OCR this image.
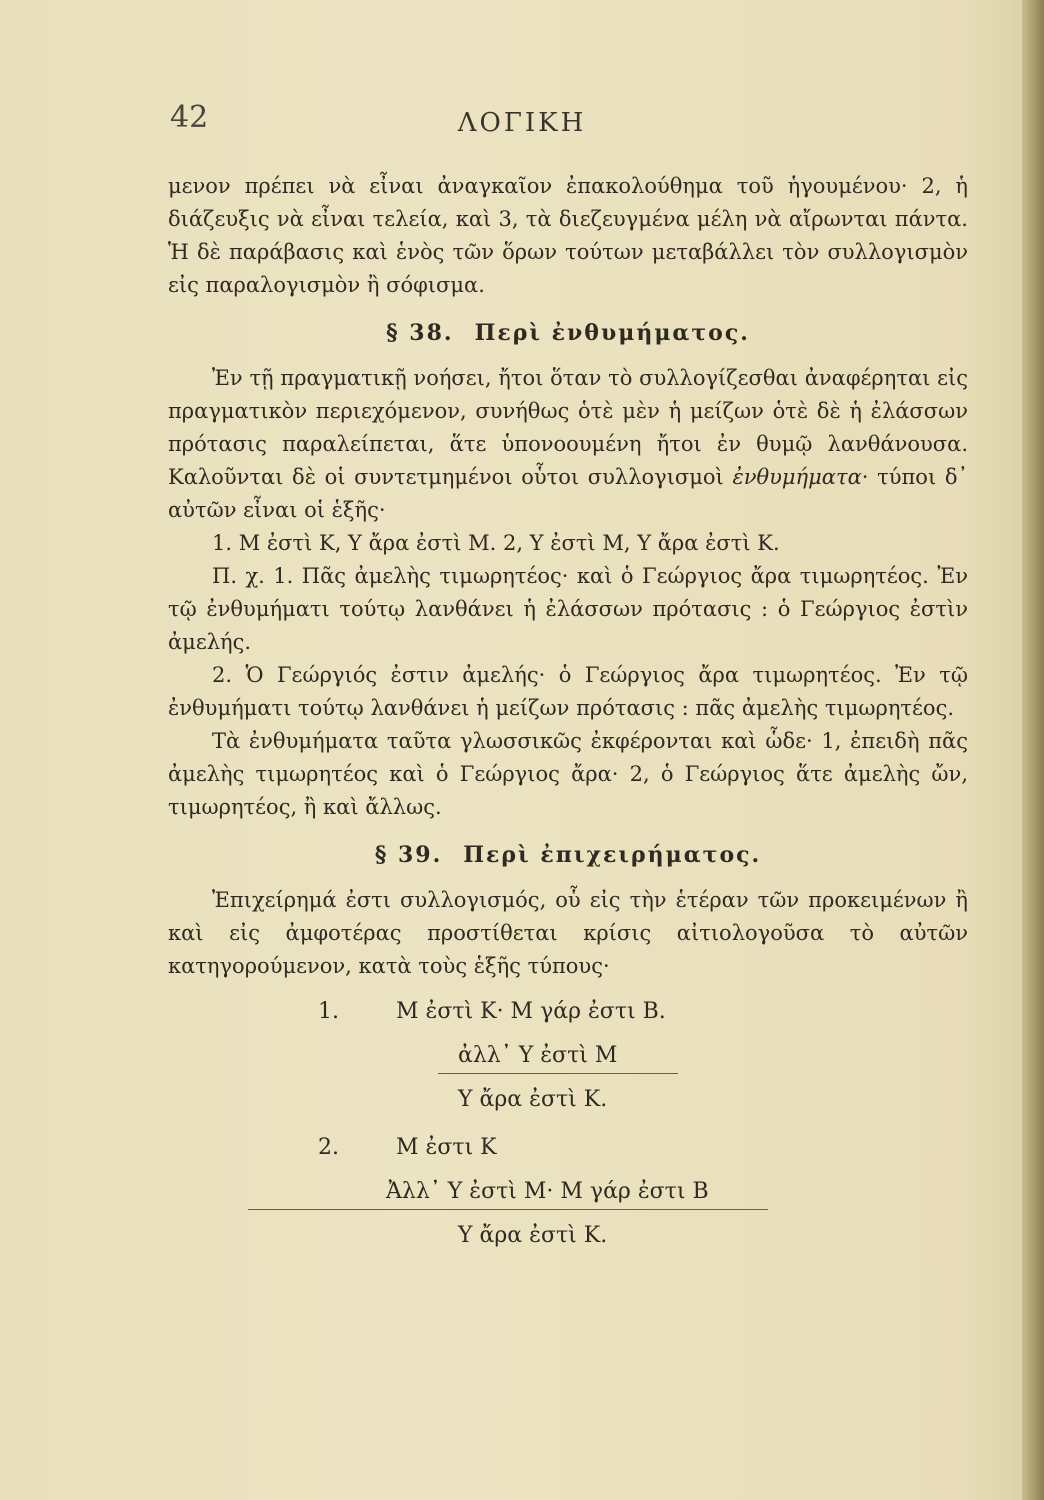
42	ΛΟΓΙΚΗ

μενον πρέπει νὰ εἶναι ἀναγκαῖον ἐπακολούθημα τοῦ ἡγουμένου· 2, ἡ διάζευξις νὰ εἶναι τελεία, καὶ 3, τὰ διεζευγμένα μέλη νὰ αἴρωνται πάντα. Ἡ δὲ παράβασις καὶ ἑνὸς τῶν ὅρων τούτων μεταβάλλει τὸν συλλογισμὸν εἰς παραλογισμὸν ἢ σόφισμα.

§ 38. Περὶ ἐνθυμήματος.

Ἐν τῇ πραγματικῇ νοήσει, ἤτοι ὅταν τὸ συλλογίζεσθαι ἀναφέρηται εἰς πραγματικὸν περιεχόμενον, συνήθως ὁτὲ μὲν ἡ μείζων ὁτὲ δὲ ἡ ἐλάσσων πρότασις παραλείπεται, ἅτε ὑπονοουμένη ἤτοι ἐν θυμῷ λανθάνουσα. Καλοῦνται δὲ οἱ συντετμημένοι οὗτοι συλλογισμοὶ ἐνθυμήματα· τύποι δ᾽ αὐτῶν εἶναι οἱ ἑξῆς·

1. Μ ἐστὶ Κ, Υ ἄρα ἐστὶ Μ. 2, Υ ἐστὶ Μ, Υ ἄρα ἐστὶ Κ.

Π. χ. 1. Πᾶς ἀμελὴς τιμωρητέος· καὶ ὁ Γεώργιος ἄρα τιμωρητέος. Ἐν τῷ ἐνθυμήματι τούτῳ λανθάνει ἡ ἐλάσσων πρότασις : ὁ Γεώργιος ἐστὶν ἀμελής.

2. Ὁ Γεώργιός ἐστιν ἀμελής· ὁ Γεώργιος ἄρα τιμωρητέος. Ἐν τῷ ἐνθυμήματι τούτῳ λανθάνει ἡ μείζων πρότασις : πᾶς ἀμελὴς τιμωρητέος.

Τὰ ἐνθυμήματα ταῦτα γλωσσικῶς ἐκφέρονται καὶ ὧδε· 1, ἐπειδὴ πᾶς ἀμελὴς τιμωρητέος καὶ ὁ Γεώργιος ἄρα· 2, ὁ Γεώργιος ἅτε ἀμελὴς ὤν, τιμωρητέος, ἢ καὶ ἄλλως.

§ 39. Περὶ ἐπιχειρήματος.

Ἐπιχείρημά ἐστι συλλογισμός, οὗ εἰς τὴν ἑτέραν τῶν προκειμένων ἢ καὶ εἰς ἀμφοτέρας προστίθεται κρίσις αἰτιολογοῦσα τὸ αὐτῶν κατηγορούμενον, κατὰ τοὺς ἑξῆς τύπους·

1.	Μ ἐστὶ Κ· Μ γάρ ἐστι Β.
ἀλλ᾽ Υ ἐστὶ Μ
Υ ἄρα ἐστὶ Κ.
2.	Μ ἐστι Κ
Ἀλλ᾽ Υ ἐστὶ Μ· Μ γάρ ἐστι Β
Υ ἄρα ἐστὶ Κ.
